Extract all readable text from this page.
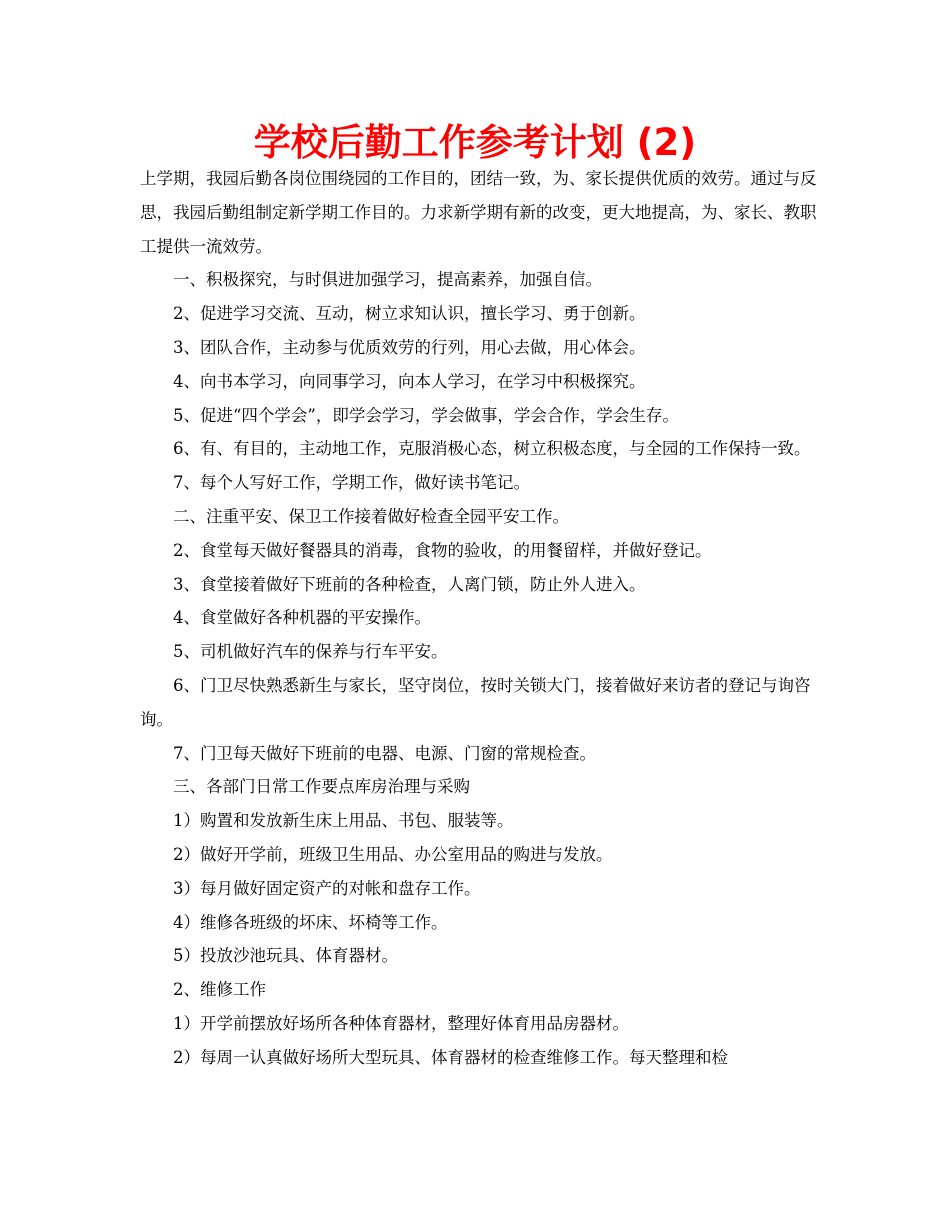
学校后勤工作参考计划 (2)

上学期，我园后勤各岗位围绕园的工作目的，团结一致，为、家长提供优质的效劳。通过与反思，我园后勤组制定新学期工作目的。力求新学期有新的改变，更大地提高，为、家长、教职工提供一流效劳。

一、积极探究，与时俱进加强学习，提高素养，加强自信。

2、促进学习交流、互动，树立求知认识，擅长学习、勇于创新。

3、团队合作，主动参与优质效劳的行列，用心去做，用心体会。

4、向书本学习，向同事学习，向本人学习，在学习中积极探究。

5、促进“四个学会”，即学会学习，学会做事，学会合作，学会生存。

6、有、有目的，主动地工作，克服消极心态，树立积极态度，与全园的工作保持一致。

7、每个人写好工作，学期工作，做好读书笔记。

二、注重平安、保卫工作接着做好检查全园平安工作。

2、食堂每天做好餐器具的消毒，食物的验收，的用餐留样，并做好登记。

3、食堂接着做好下班前的各种检查，人离门锁，防止外人进入。

4、食堂做好各种机器的平安操作。

5、司机做好汽车的保养与行车平安。

6、门卫尽快熟悉新生与家长，坚守岗位，按时关锁大门，接着做好来访者的登记与询咨询。

7、门卫每天做好下班前的电器、电源、门窗的常规检查。

三、各部门日常工作要点库房治理与采购

1）购置和发放新生床上用品、书包、服装等。

2）做好开学前，班级卫生用品、办公室用品的购进与发放。

3）每月做好固定资产的对帐和盘存工作。

4）维修各班级的坏床、坏椅等工作。

5）投放沙池玩具、体育器材。

2、维修工作

1）开学前摆放好场所各种体育器材，整理好体育用品房器材。

2）每周一认真做好场所大型玩具、体育器材的检查维修工作。每天整理和检
